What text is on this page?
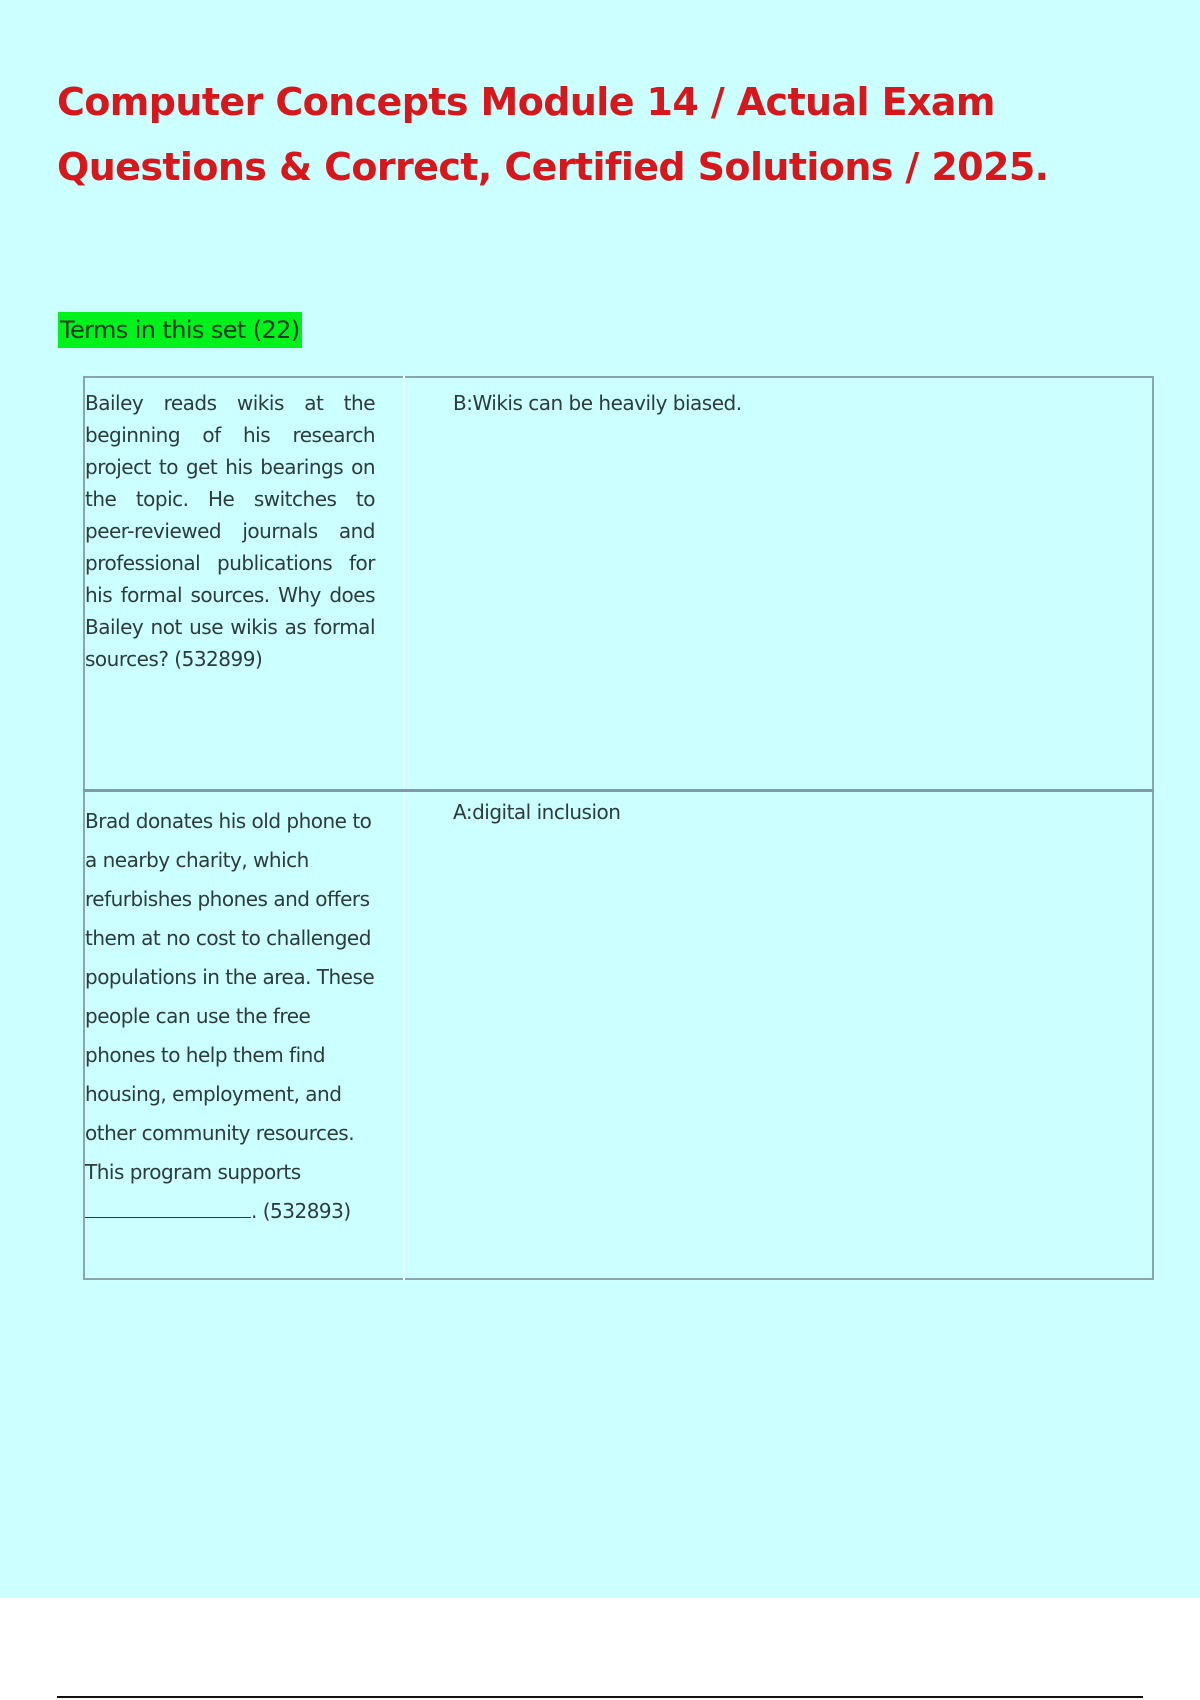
Computer Concepts Module 14 / Actual Exam Questions & Correct, Certified Solutions / 2025.
Terms in this set (22)

Bailey reads wikis at the beginning of his research project to get his bearings on the topic. He switches to peer-reviewed journals and professional publications for his formal sources. Why does Bailey not use wikis as formal sources? (532899)	B:Wikis can be heavily biased.

Brad donates his old phone to a nearby charity, which refurbishes phones and offers them at no cost to challenged populations in the area. These people can use the free phones to help them find housing, employment, and other community resources. This program supports . (532893)	A:digital inclusion
